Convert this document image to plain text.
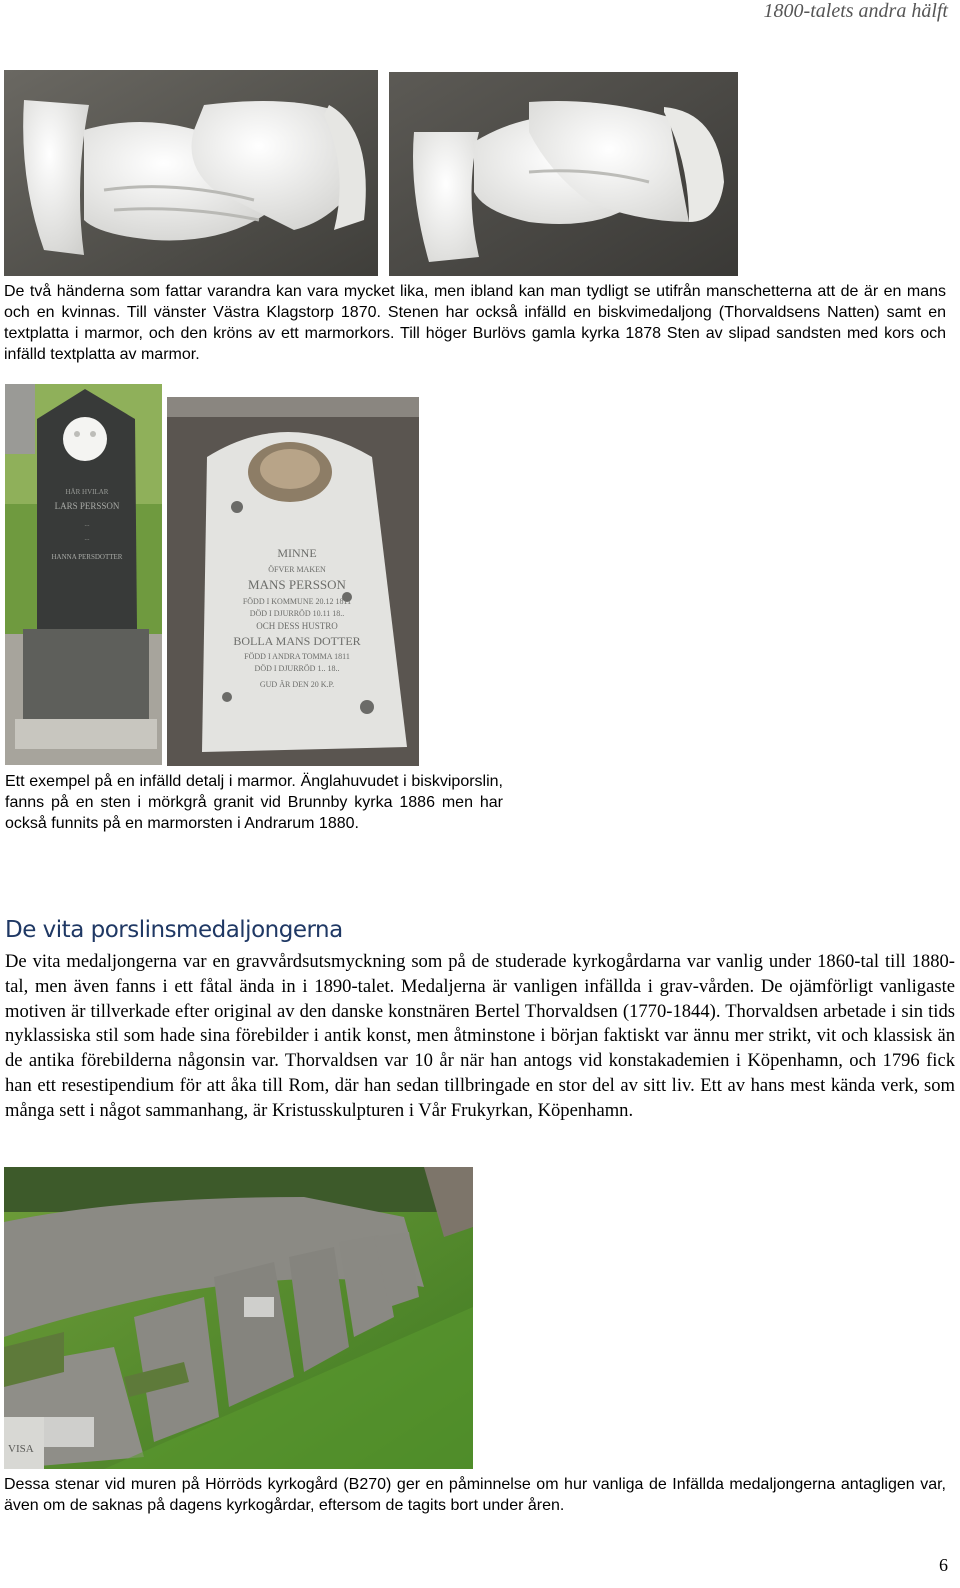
1800-talets andra hälft

De två händerna som fattar varandra kan vara mycket lika, men ibland kan man tydligt se utifrån manschetterna att de är en mans och en kvinnas. Till vänster Västra Klagstorp 1870. Stenen har också infälld en biskvimedaljong (Thorvaldsens Natten) samt en textplatta i marmor, och den kröns av ett marmorkors. Till höger Burlövs gamla kyrka 1878 Sten av slipad sandsten med kors och infälld textplatta av marmor.

HÄR HVILAR
LARS PERSSON
...
...
HANNA PERSDOTTER	MINNE
ÖFVER MAKEN
MANS PERSSON
FÖDD I KOMMUNE 20.12 1811
DÖD I DJURRÖD 10.11 18..
OCH DESS HUSTRO
BOLLA MANS DOTTER
FÖDD I ANDRA TOMMA 1811
DÖD I DJURRÖD 1.. 18..
GUD ÄR DEN 20 K.P.

Ett exempel på en infälld detalj i marmor. Änglahuvudet i biskviporslin, fanns på en sten i mörkgrå granit vid Brunnby kyrka 1886 men har också funnits på en marmorsten i Andrarum 1880.

De vita porslinsmedaljongerna

De vita medaljongerna var en gravvårdsutsmyckning som på de studerade kyrkogårdarna var vanlig under 1860-tal till 1880-tal, men även fanns i ett fåtal ända in i 1890-talet. Medaljerna är vanligen infällda i grav-vården. De ojämförligt vanligaste motiven är tillverkade efter original av den danske konstnären Bertel Thorvaldsen (1770-1844). Thorvaldsen arbetade i sin tids nyklassiska stil som hade sina förebilder i antik konst, men åtminstone i början faktiskt var ännu mer strikt, vit och klassisk än de antika förebilderna någonsin var. Thorvaldsen var 10 år när han antogs vid konstakademien i Köpenhamn, och 1796 fick han ett resestipendium för att åka till Rom, där han sedan tillbringade en stor del av sitt liv. Ett av hans mest kända verk, som många sett i något sammanhang, är Kristusskulpturen i Vår Frukyrkan, Köpenhamn.

VISA

Dessa stenar vid muren på Hörröds kyrkogård (B270) ger en påminnelse om hur vanliga de Infällda medaljongerna antagligen var, även om de saknas på dagens kyrkogårdar, eftersom de tagits bort under åren.

6
